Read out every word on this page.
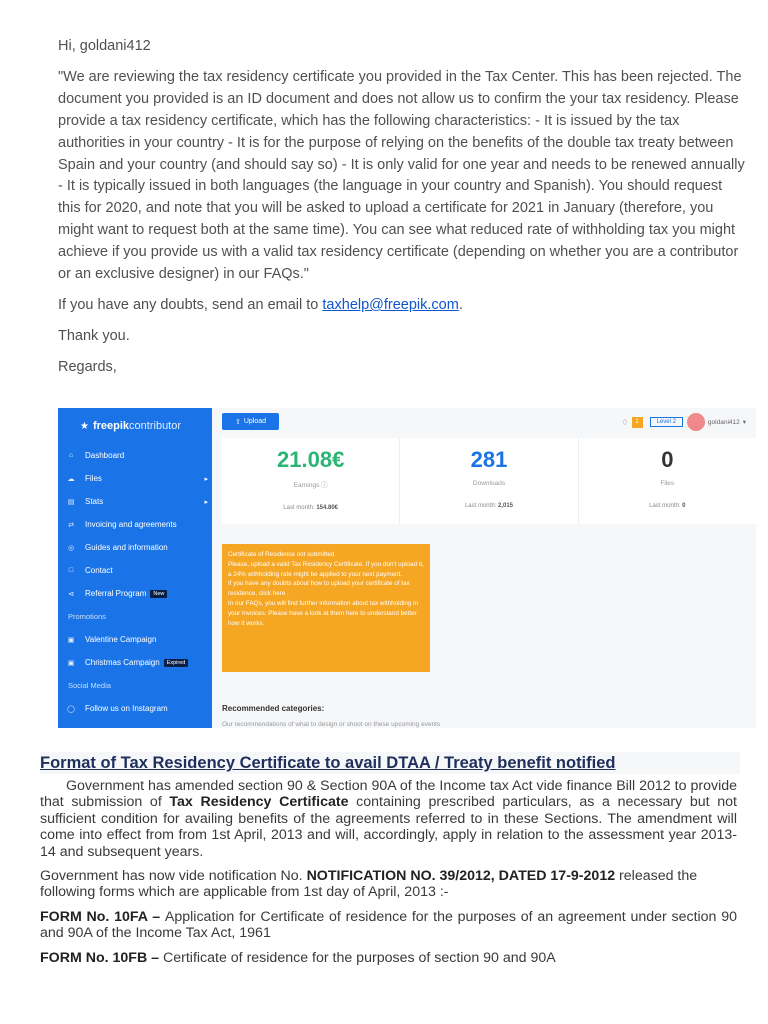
Hi, goldani412

"We are reviewing the tax residency certificate you provided in the Tax Center. This has been rejected. The document you provided is an ID document and does not allow us to confirm the your tax residency. Please provide a tax residency certificate, which has the following characteristics: - It is issued by the tax authorities in your country - It is for the purpose of relying on the benefits of the double tax treaty between Spain and your country (and should say so) - It is only valid for one year and needs to be renewed annually - It is typically issued in both languages (the language in your country and Spanish). You should request this for 2020, and note that you will be asked to upload a certificate for 2021 in January (therefore, you might want to request both at the same time). You can see what reduced rate of withholding tax you might achieve if you provide us with a valid tax residency certificate (depending on whether you are a contributor or an exclusive designer) in our FAQs."

If you have any doubts, send an email to taxhelp@freepik.com.

Thank you.

Regards,

★ freepik contributor
⌂	Dashboard
☁ Files	▸
▤ Stats	▸
⇄ Invoicing and agreements
◎ Guides and information
□	Contact
⊲ Referral Program	New
Promotions
▣ Valentine Campaign
▣ Christmas Campaign	Expired
Social Media
◯ Follow us on Instagram
⇧ Upload	♢	1	Level 2	goldani412 ▾
21.08€
Earnings ⓘ
Last month: 154.80€
281
Downloads
Last month: 2,015
0
Files
Last month: 0
Certificate of Residence not submitted
Please, upload a valid Tax Residency Certificate. If you don't upload it, a 24% withholding rate might be applied to your next payment.
If you have any doubts about how to upload your certificate of tax residence, click here .
In our FAQs, you will find further information about tax withholding in your invoices. Please have a look at them here to understand better how it works.
Recommended categories:
Our recommendations of what to design or shoot on these upcoming events
Format of Tax Residency Certificate to avail DTAA / Treaty benefit notified

Government has amended section 90 & Section 90A of the Income tax Act vide finance Bill 2012 to provide that submission of Tax Residency Certificate containing prescribed particulars, as a necessary but not sufficient condition for availing benefits of the agreements referred to in these Sections. The amendment will come into effect from from 1st April, 2013 and will, accordingly, apply in relation to the assessment year 2013-14 and subsequent years.

Government has now vide notification No. NOTIFICATION NO. 39/2012, DATED 17-9-2012 released the following forms which are applicable from 1st day of April, 2013 :-

FORM No. 10FA – Application for Certificate of residence for the purposes of an agreement under section 90 and 90A of the Income Tax Act, 1961

FORM No. 10FB – Certificate of residence for the purposes of section 90 and 90A
